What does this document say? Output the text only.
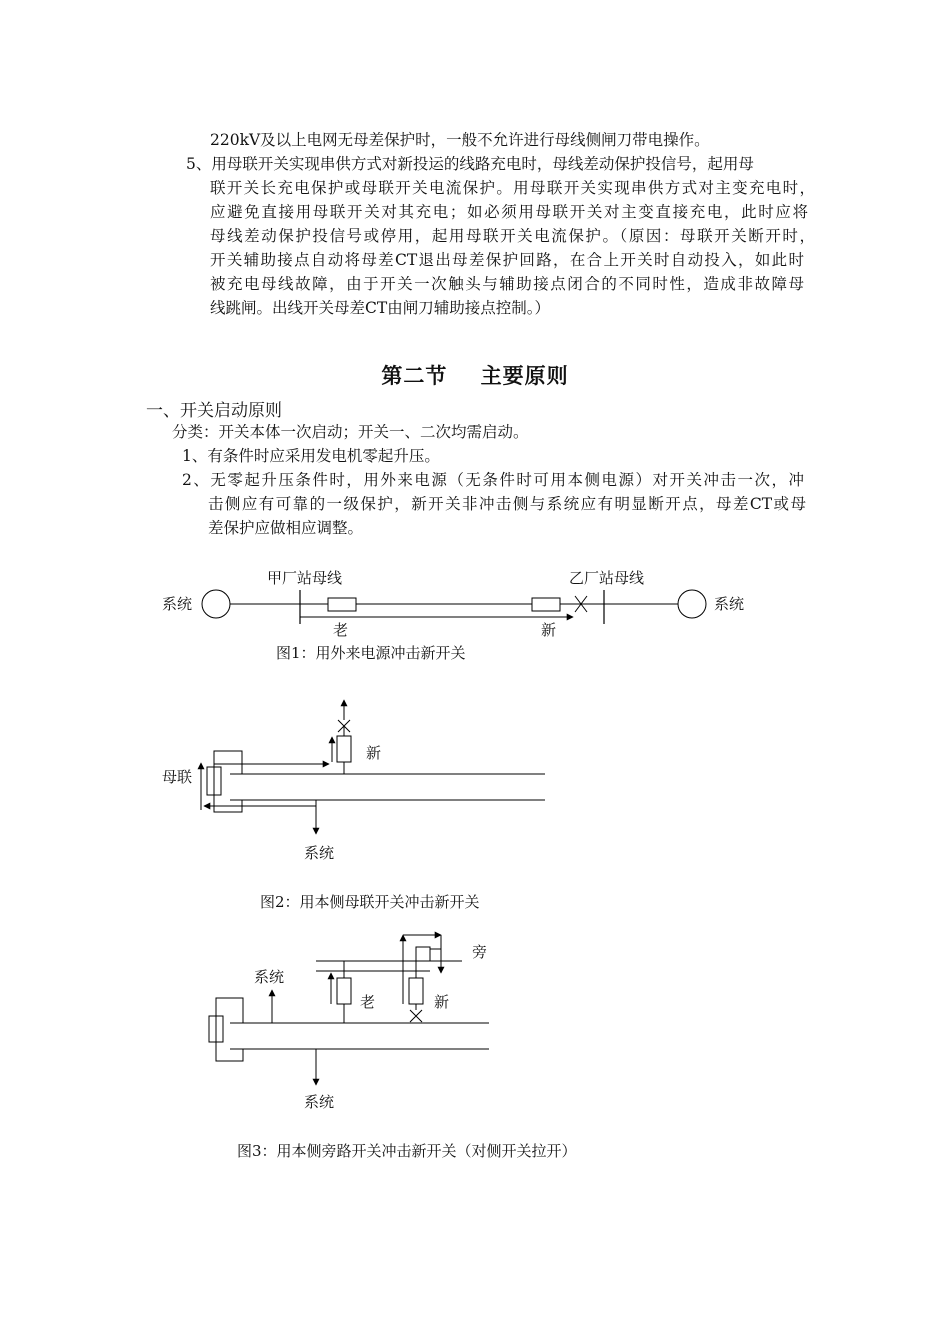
220kV及以上电网无母差保护时，一般不允许进行母线侧闸刀带电操作。
5、用母联开关实现串供方式对新投运的线路充电时，母线差动保护投信号，起用母
联开关长充电保护或母联开关电流保护。用母联开关实现串供方式对主变充电时，
应避免直接用母联开关对其充电；如必须用母联开关对主变直接充电，此时应将
母线差动保护投信号或停用，起用母联开关电流保护。（原因：母联开关断开时，
开关辅助接点自动将母差CT退出母差保护回路，在合上开关时自动投入，如此时
被充电母线故障，由于开关一次触头与辅助接点闭合的不同时性，造成非故障母
线跳闸。出线开关母差CT由闸刀辅助接点控制。）
第二节    主要原则
一、开关启动原则
分类：开关本体一次启动；开关一、二次均需启动。
1、有条件时应采用发电机零起升压。
2、无零起升压条件时，用外来电源（无条件时可用本侧电源）对开关冲击一次，冲
击侧应有可靠的一级保护，新开关非冲击侧与系统应有明显断开点，母差CT或母
差保护应做相应调整。
系统
甲厂站母线	乙厂站母线
系统
老	新
图1：用外来电源冲击新开关
新
母联
系统
图2：用本侧母联开关冲击新开关
旁
系统
老	新
系统
图3：用本侧旁路开关冲击新开关（对侧开关拉开）
